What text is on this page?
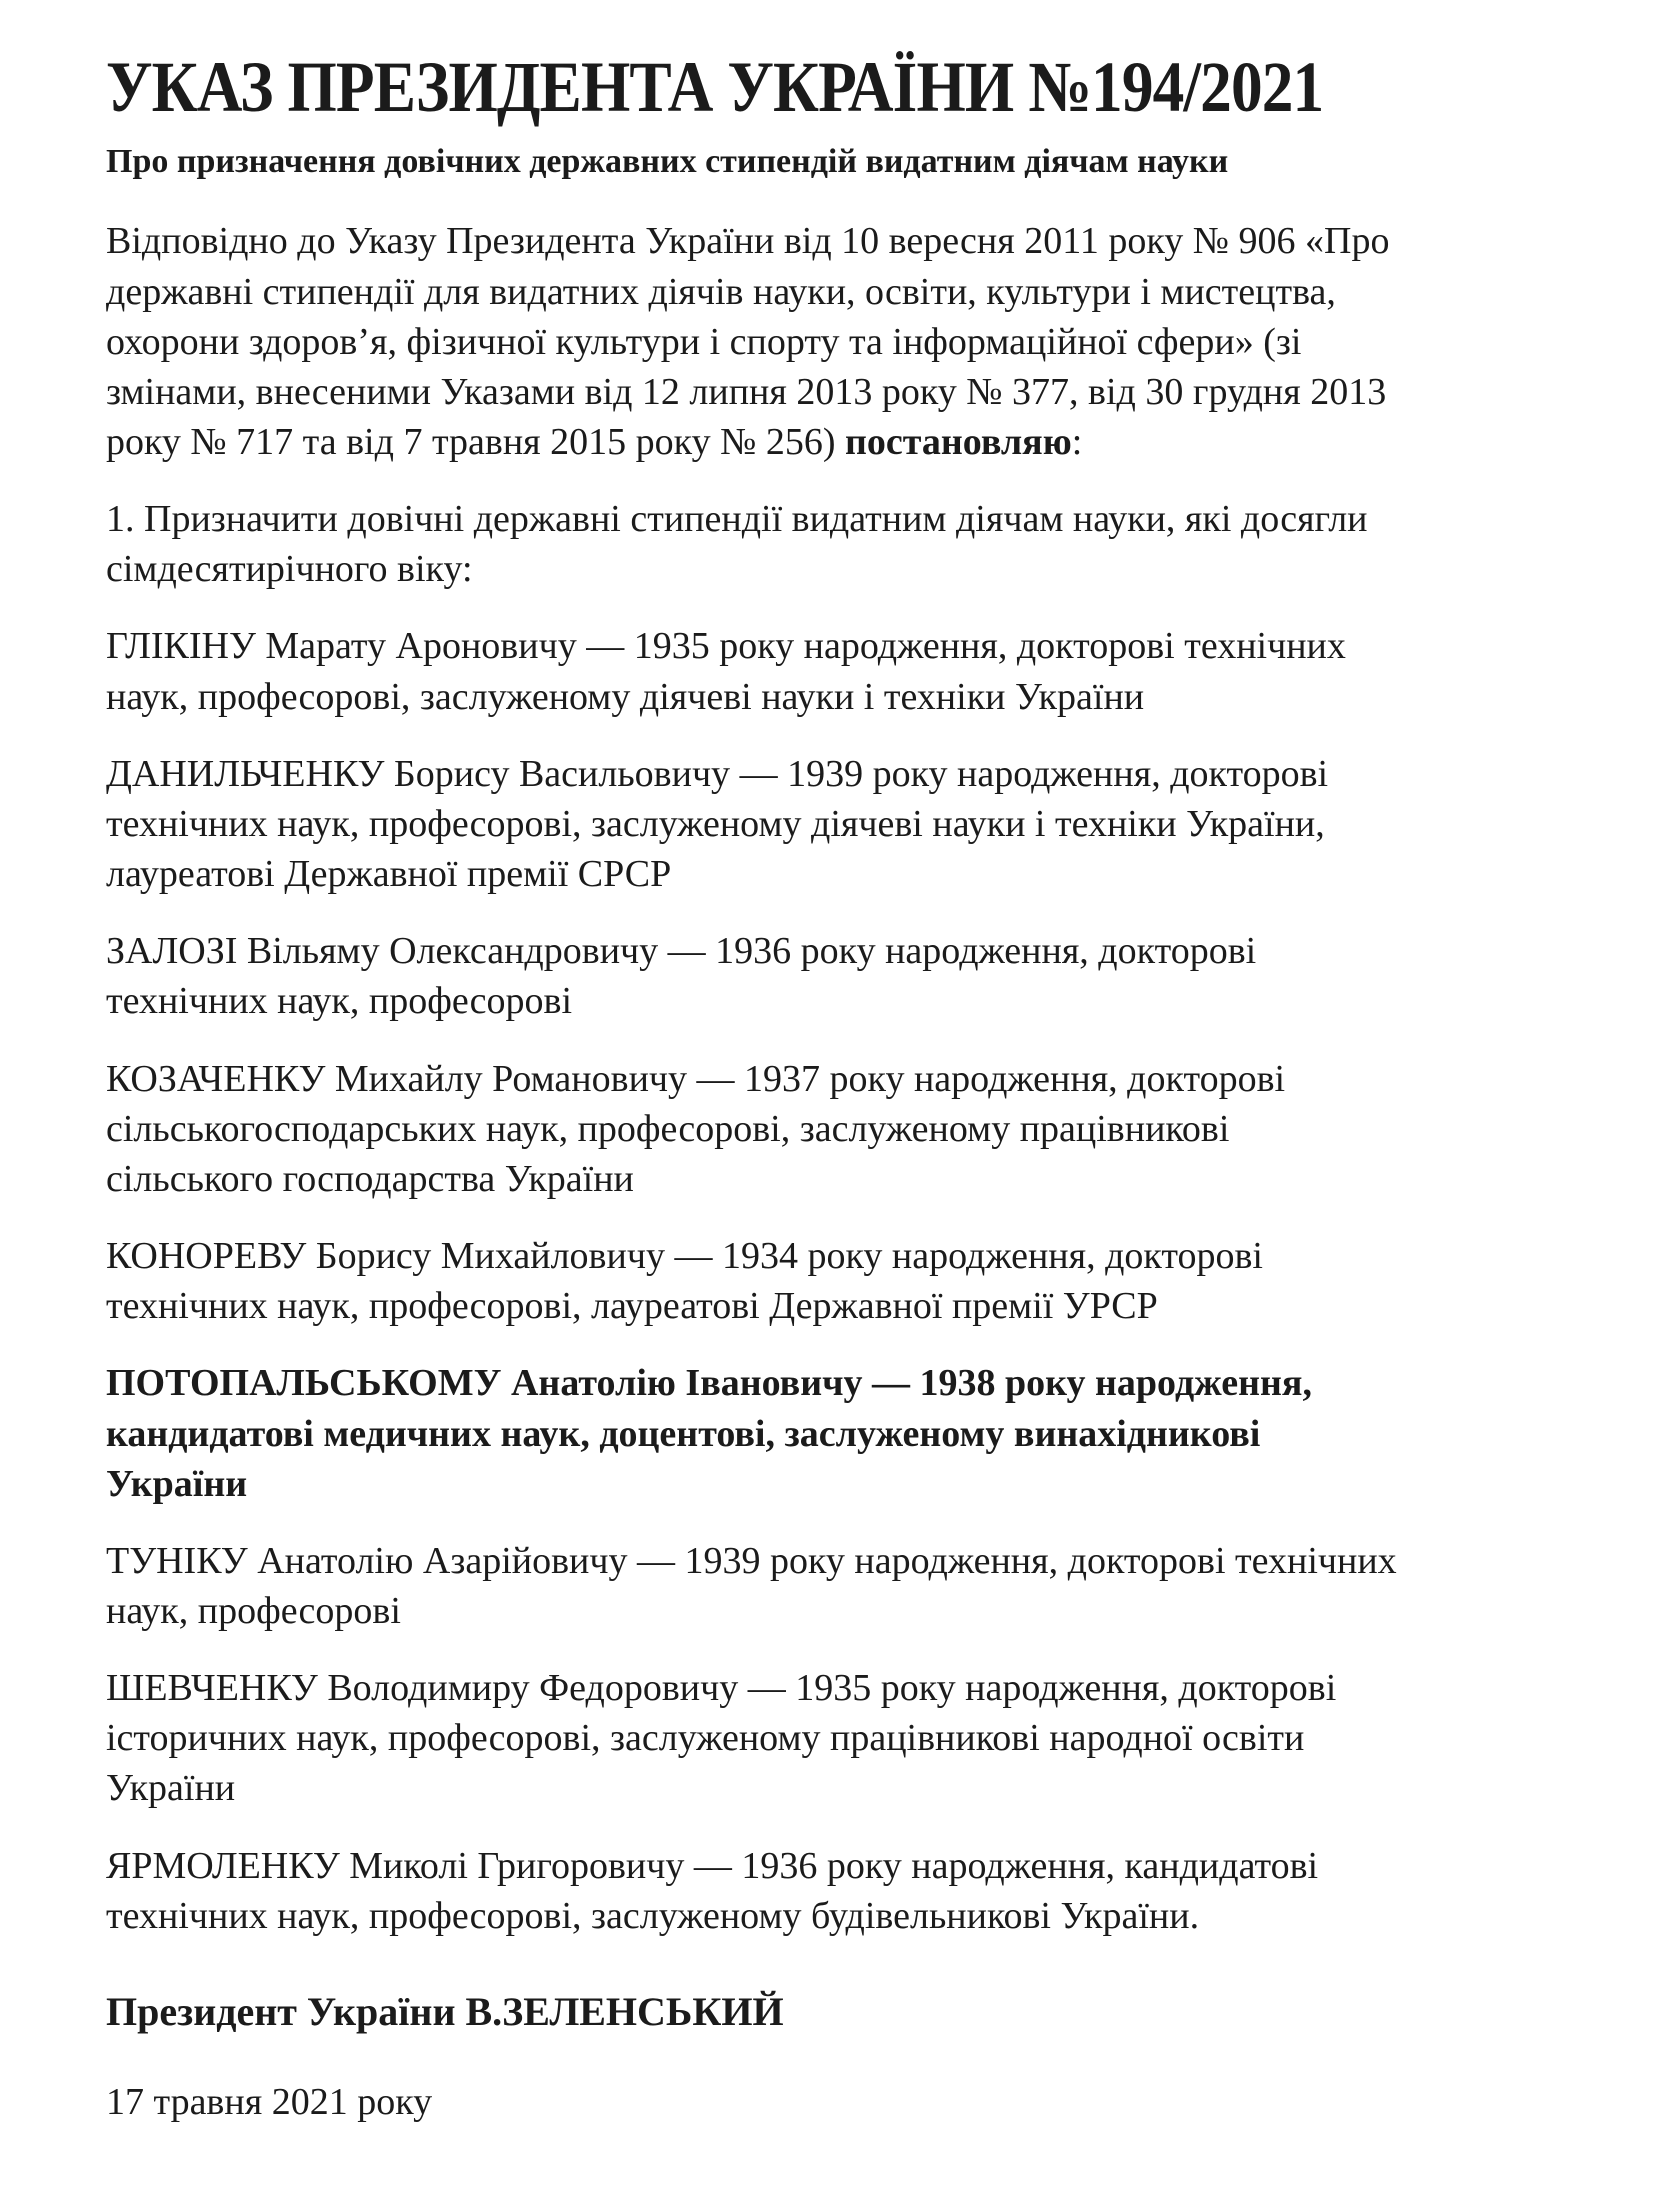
УКАЗ ПРЕЗИДЕНТА УКРАЇНИ №194/2021
Про призначення довічних державних стипендій видатним діячам науки

Відповідно до Указу Президента України від 10 вересня 2011 року № 906 «Про державні стипендії для видатних діячів науки, освіти, культури і мистецтва, охорони здоров’я, фізичної культури і спорту та інформаційної сфери» (зі змінами, внесеними Указами від 12 липня 2013 року № 377, від 30 грудня 2013 року № 717 та від 7 травня 2015 року № 256) постановляю:

1. Призначити довічні державні стипендії видатним діячам науки, які досягли сімдесятирічного віку:

ГЛІКІНУ Марату Ароновичу — 1935 року народження, докторові технічних наук, професорові, заслуженому діячеві науки і техніки України

ДАНИЛЬЧЕНКУ Борису Васильовичу — 1939 року народження, докторові технічних наук, професорові, заслуженому діячеві науки і техніки України, лауреатові Державної премії СРСР

ЗАЛОЗІ Вільяму Олександровичу — 1936 року народження, докторові технічних наук, професорові

КОЗАЧЕНКУ Михайлу Романовичу — 1937 року народження, докторові сільськогосподарських наук, професорові, заслуженому працівникові сільського господарства України

КОНОРЕВУ Борису Михайловичу — 1934 року народження, докторові технічних наук, професорові, лауреатові Державної премії УРСР

ПОТОПАЛЬСЬКОМУ Анатолію Івановичу — 1938 року народження, кандидатові медичних наук, доцентові, заслуженому винахідникові України

ТУНІКУ Анатолію Азарійовичу — 1939 року народження, докторові технічних наук, професорові

ШЕВЧЕНКУ Володимиру Федоровичу — 1935 року народження, докторові історичних наук, професорові, заслуженому працівникові народної освіти України

ЯРМОЛЕНКУ Миколі Григоровичу — 1936 року народження, кандидатові технічних наук, професорові, заслуженому будівельникові України.

Президент України В.ЗЕЛЕНСЬКИЙ

17 травня 2021 року
